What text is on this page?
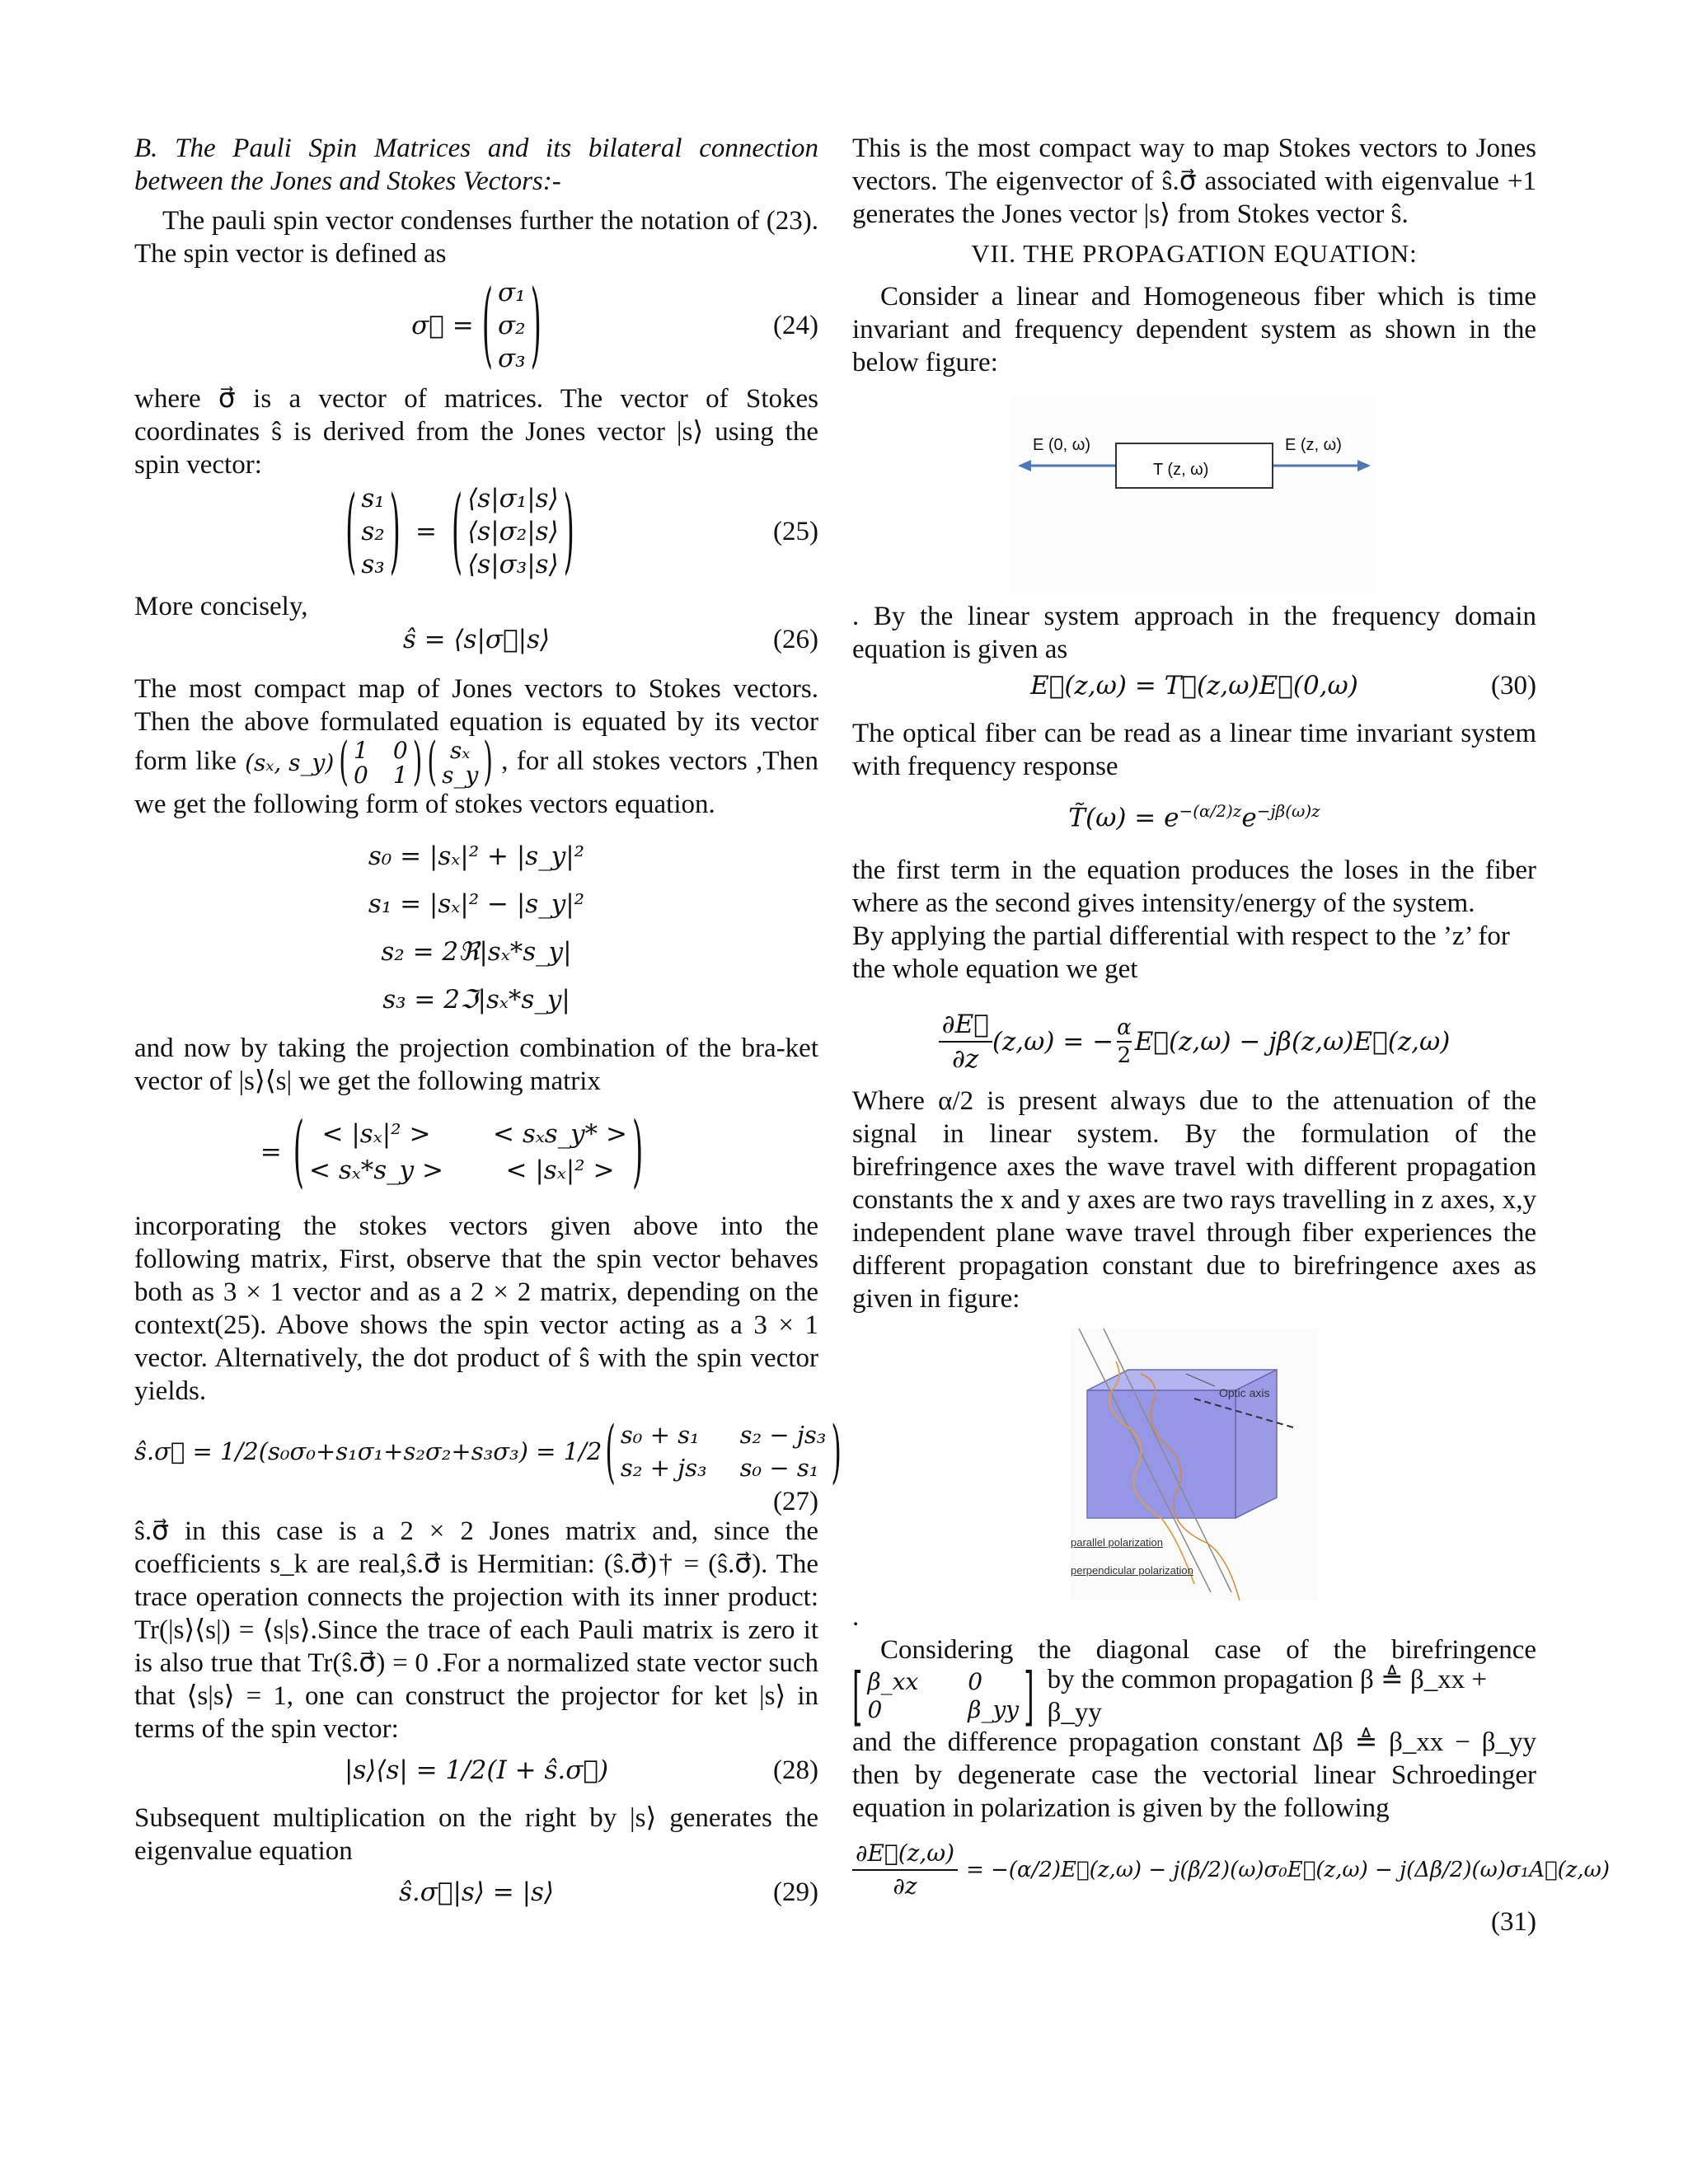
B. The Pauli Spin Matrices and its bilateral connection between the Jones and Stokes Vectors:-

The pauli spin vector condenses further the notation of (23). The spin vector is defined as

σ⃗ = ( σ₁
σ₂
σ₃ )	(24)

where σ⃗ is a vector of matrices. The vector of Stokes coordinates ŝ is derived from the Jones vector |s⟩ using the spin vector:

( s₁
s₂
s₃ ) = ( ⟨s|σ₁|s⟩
⟨s|σ₂|s⟩
⟨s|σ₃|s⟩ )	(25)

More concisely,

ŝ = ⟨s|σ⃗|s⟩	(26)

The most compact map of Jones vectors to Stokes vectors. Then the above formulated equation is equated by its vector form like (sₓ, s_y) ( 1 0
0 1 ) ( sₓ
s_y ) , for all stokes vectors ,Then we get the following form of stokes vectors equation.

s₀ = |sₓ|² + |s_y|²
s₁ = |sₓ|² − |s_y|²
s₂ = 2ℜ|sₓ*s_y|
s₃ = 2ℑ|sₓ*s_y|

and now by taking the projection combination of the bra-ket vector of |s⟩⟨s| we get the following matrix

= ( < |sₓ|² >	< sₓs_y* >
< sₓ*s_y >	< |sₓ|² > )

incorporating the stokes vectors given above into the following matrix, First, observe that the spin vector behaves both as 3 × 1 vector and as a 2 × 2 matrix, depending on the context(25). Above shows the spin vector acting as a 3 × 1 vector. Alternatively, the dot product of ŝ with the spin vector yields.

ŝ.σ⃗ = 1/2(s₀σ₀+s₁σ₁+s₂σ₂+s₃σ₃) = 1/2 ( s₀ + s₁	s₂ − js₃
s₂ + js₃ s₀ − s₁ )
(27)

ŝ.σ⃗ in this case is a 2 × 2 Jones matrix and, since the coefficients s_k are real,ŝ.σ⃗ is Hermitian: (ŝ.σ⃗)† = (ŝ.σ⃗). The trace operation connects the projection with its inner product: Tr(|s⟩⟨s|) = ⟨s|s⟩.Since the trace of each Pauli matrix is zero it is also true that Tr(ŝ.σ⃗) = 0 .For a normalized state vector such that ⟨s|s⟩ = 1, one can construct the projector for ket |s⟩ in terms of the spin vector:

|s⟩⟨s| = 1/2(I + ŝ.σ⃗)	(28)

Subsequent multiplication on the right by |s⟩ generates the eigenvalue equation

ŝ.σ⃗|s⟩ = |s⟩	(29)

This is the most compact way to map Stokes vectors to Jones vectors. The eigenvector of ŝ.σ⃗ associated with eigenvalue +1 generates the Jones vector |s⟩ from Stokes vector ŝ.

VII. THE PROPAGATION EQUATION:

Consider a linear and Homogeneous fiber which is time invariant and frequency dependent system as shown in the below figure:

E (0, ω)
T (z, ω)
E (z, ω)

. By the linear system approach in the frequency domain equation is given as

E⃗(z,ω) = T⃗(z,ω)E⃗(0,ω)	(30)

The optical fiber can be read as a linear time invariant system with frequency response

T̃(ω) = $e^{-(\alpha/2)z}e^{-j\beta(\omega)z}$

the first term in the equation produces the loses in the fiber where as the second gives intensity/energy of the system.

By applying the partial differential with respect to the ’z’ for the whole equation we get

∂E⃗
∂z
(z,ω) = − $\frac{\alpha}{2}$ E⃗(z,ω) − jβ(z,ω)E⃗(z,ω)

Where α/2 is present always due to the attenuation of the signal in linear system. By the formulation of the birefringence axes the wave travel with different propagation constants the x and y axes are two rays travelling in z axes, x,y independent plane wave travel through fiber experiences the different propagation constant due to birefringence axes as given in figure:

Optic axis
parallel polarization
perpendicular polarization

.

Considering the diagonal case of the birefringence

[ β_xx 0
0	β_yy ] by the common propagation β ≜ β_xx + β_yy

and the difference propagation constant Δβ ≜ β_xx − β_yy then by degenerate case the vectorial linear Schroedinger equation in polarization is given by the following

$\frac{\partial E⃗(z,\omega)}{\partial z}$ = −(α/2)E⃗(z,ω) − j(β/2)(ω)σ₀E⃗(z,ω) − j(Δβ/2)(ω)σ₁A⃗(z,ω)
(31)
